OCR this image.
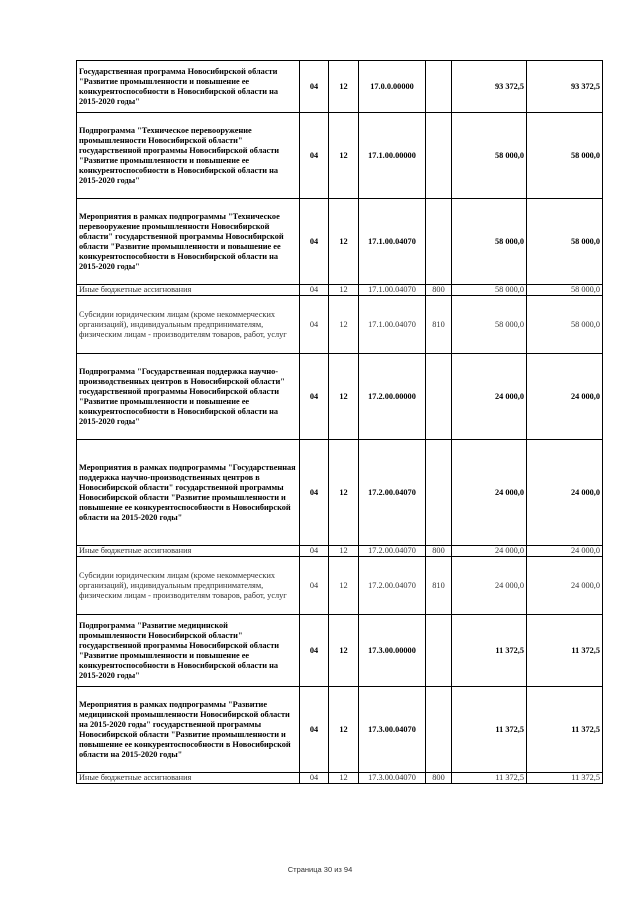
Государственная программа Новосибирской области "Развитие промышленности и повышение ее конкурентоспособности в Новосибирской области на 2015-2020 годы"	04	12	17.0.0.00000		93 372,5	93 372,5
Подпрограмма "Техническое перевооружение промышленности Новосибирской области" государственной программы Новосибирской области "Развитие промышленности и повышение ее конкурентоспособности в Новосибирской области на 2015-2020 годы"	04	12	17.1.00.00000		58 000,0	58 000,0
Мероприятия в рамках подпрограммы "Техническое перевооружение промышленности Новосибирской области" государственной программы Новосибирской области "Развитие промышленности и повышение ее конкурентоспособности в Новосибирской области на 2015-2020 годы"	04	12	17.1.00.04070		58 000,0	58 000,0
Иные бюджетные ассигнования	04	12	17.1.00.04070	800	58 000,0	58 000,0
Субсидии юридическим лицам (кроме некоммерческих организаций), индивидуальным предпринимателям, физическим лицам - производителям товаров, работ, услуг	04	12	17.1.00.04070	810	58 000,0	58 000,0
Подпрограмма "Государственная поддержка научно-производственных центров в Новосибирской области" государственной программы Новосибирской области "Развитие промышленности и повышение ее конкурентоспособности в Новосибирской области на 2015-2020 годы"	04	12	17.2.00.00000		24 000,0	24 000,0
Мероприятия в рамках подпрограммы "Государственная поддержка научно-производственных центров в Новосибирской области" государственной программы Новосибирской области "Развитие промышленности и повышение ее конкурентоспособности в Новосибирской области на 2015-2020 годы"	04	12	17.2.00.04070		24 000,0	24 000,0
Иные бюджетные ассигнования	04	12	17.2.00.04070	800	24 000,0	24 000,0
Субсидии юридическим лицам (кроме некоммерческих организаций), индивидуальным предпринимателям, физическим лицам - производителям товаров, работ, услуг	04	12	17.2.00.04070	810	24 000,0	24 000,0
Подпрограмма "Развитие медицинской промышленности Новосибирской области" государственной программы Новосибирской области "Развитие промышленности и повышение ее конкурентоспособности в Новосибирской области на 2015-2020 годы"	04	12	17.3.00.00000		11 372,5	11 372,5
Мероприятия в рамках подпрограммы "Развитие медицинской промышленности Новосибирской области на 2015-2020 годы" государственной программы Новосибирской области "Развитие промышленности и повышение ее конкурентоспособности в Новосибирской области на 2015-2020 годы"	04	12	17.3.00.04070		11 372,5	11 372,5
Иные бюджетные ассигнования	04	12	17.3.00.04070	800	11 372,5	11 372,5
Страница 30 из 94
